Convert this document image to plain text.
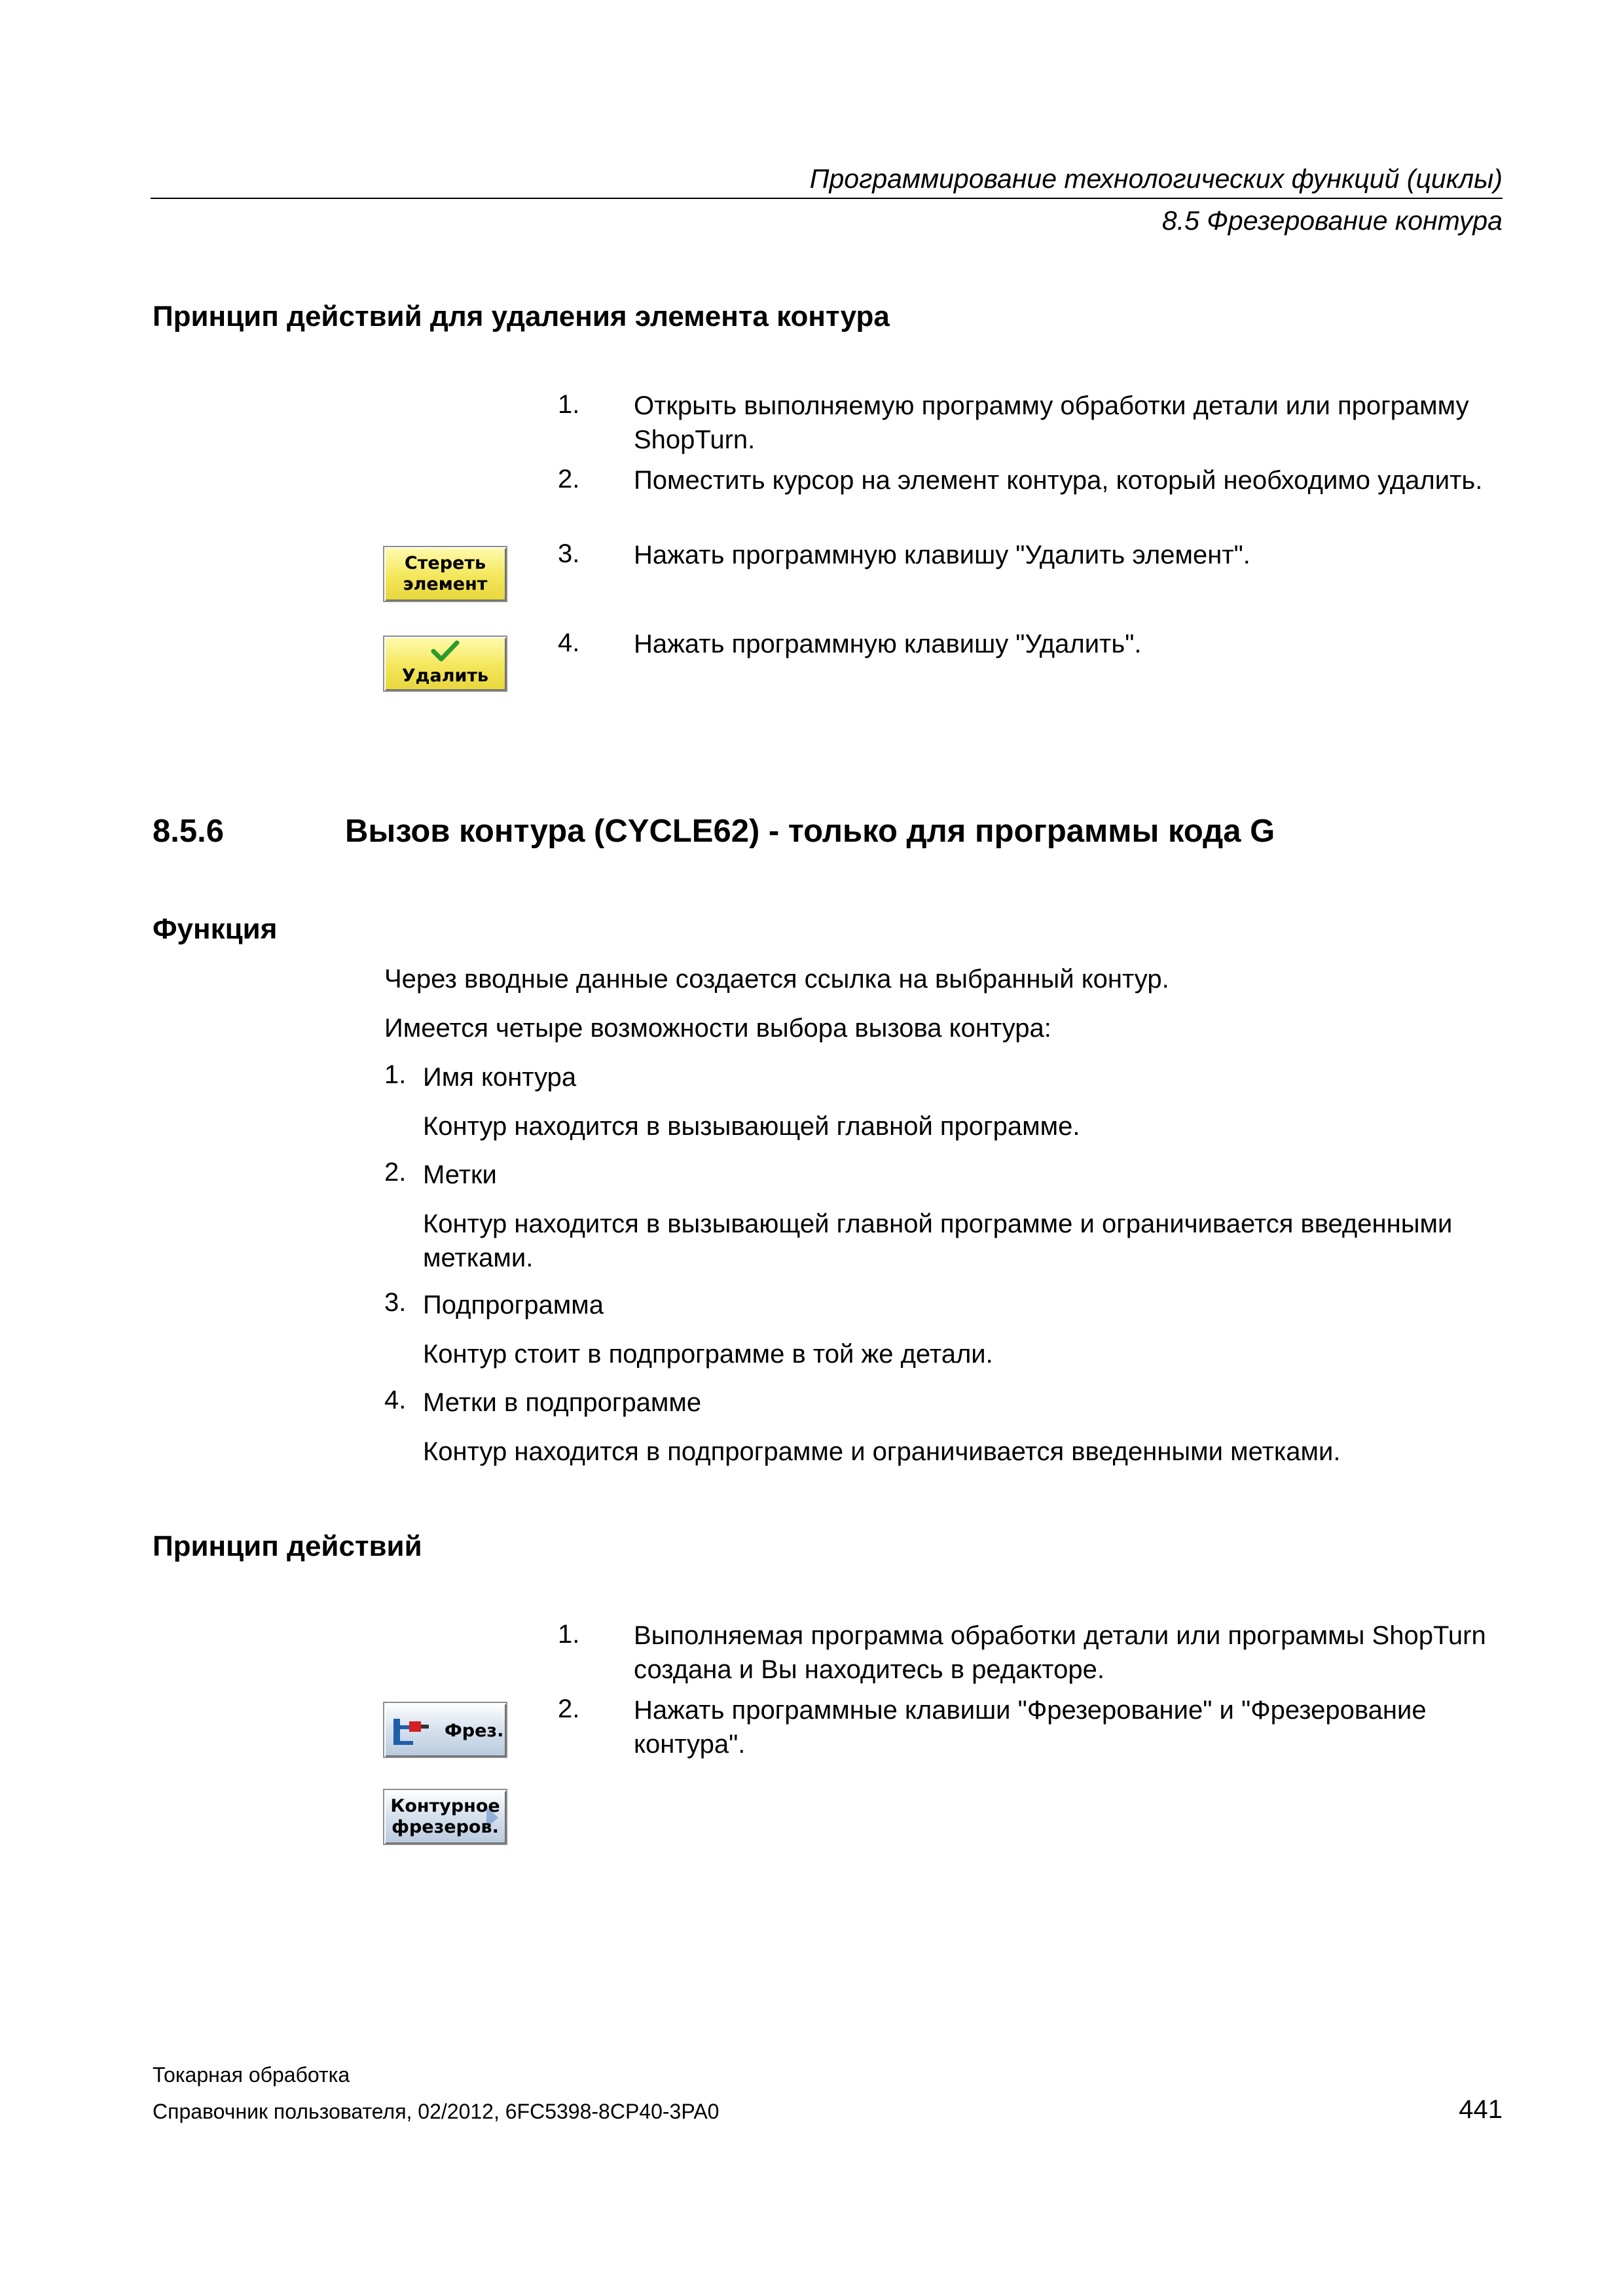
Программирование технологических функций (циклы)
8.5 Фрезерование контура
Принцип действий для удаления элемента контура
1.	Открыть выполняемую программу обработки детали или программу ShopTurn.
2.	Поместить курсор на элемент контура, который необходимо удалить.
3.	Нажать программную клавишу "Удалить элемент".
4.	Нажать программную клавишу "Удалить".
Стереть
элемент
Удалить
8.5.6	Вызов контура (CYCLE62) - только для программы кода G
Функция
Через вводные данные создается ссылка на выбранный контур.
Имеется четыре возможности выбора вызова контура:
1. Имя контура
Контур находится в вызывающей главной программе.
2. Метки
Контур находится в вызывающей главной программе и ограничивается введенными метками.
3. Подпрограмма
Контур стоит в подпрограмме в той же детали.
4. Метки в подпрограмме
Контур находится в подпрограмме и ограничивается введенными метками.
Принцип действий
1.	Выполняемая программа обработки детали или программы ShopTurn создана и Вы находитесь в редакторе.
2.	Нажать программные клавиши "Фрезерование" и "Фрезерование контура".
Фрез.
Контурное
фрезеров.
Токарная обработка
Справочник пользователя, 02/2012, 6FC5398-8CP40-3PA0	441
